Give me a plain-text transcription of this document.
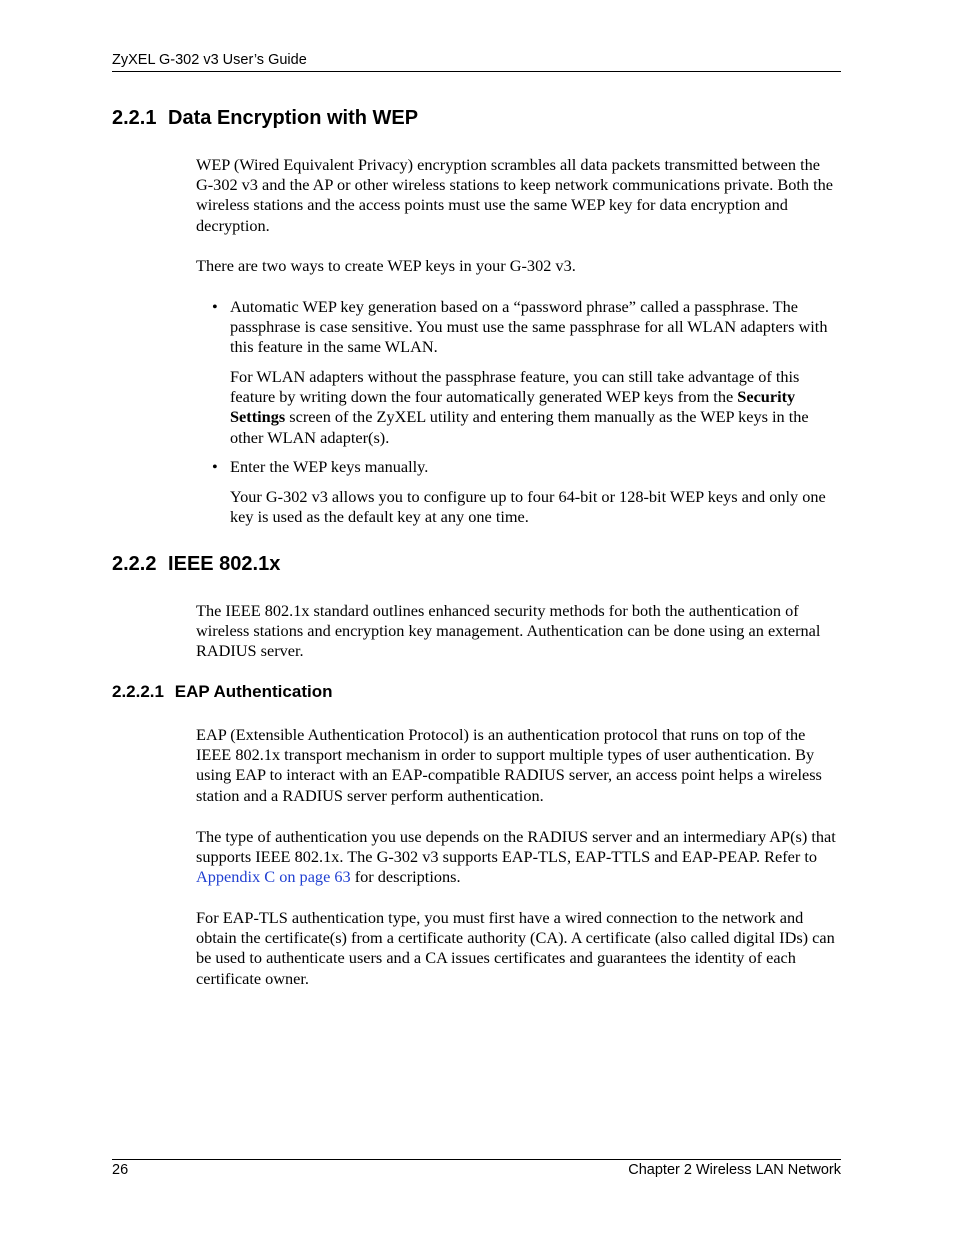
ZyXEL G-302 v3 User’s Guide
2.2.1 Data Encryption with WEP

WEP (Wired Equivalent Privacy) encryption scrambles all data packets transmitted between the G-302 v3 and the AP or other wireless stations to keep network communications private. Both the wireless stations and the access points must use the same WEP key for data encryption and decryption.

There are two ways to create WEP keys in your G-302 v3.

• Automatic WEP key generation based on a “password phrase” called a passphrase. The passphrase is case sensitive. You must use the same passphrase for all WLAN adapters with this feature in the same WLAN.

For WLAN adapters without the passphrase feature, you can still take advantage of this feature by writing down the four automatically generated WEP keys from the Security Settings screen of the ZyXEL utility and entering them manually as the WEP keys in the other WLAN adapter(s).

• Enter the WEP keys manually.

Your G-302 v3 allows you to configure up to four 64-bit or 128-bit WEP keys and only one key is used as the default key at any one time.

2.2.2 IEEE 802.1x

The IEEE 802.1x standard outlines enhanced security methods for both the authentication of wireless stations and encryption key management. Authentication can be done using an external RADIUS server.

2.2.2.1 EAP Authentication

EAP (Extensible Authentication Protocol) is an authentication protocol that runs on top of the IEEE 802.1x transport mechanism in order to support multiple types of user authentication. By using EAP to interact with an EAP-compatible RADIUS server, an access point helps a wireless station and a RADIUS server perform authentication.

The type of authentication you use depends on the RADIUS server and an intermediary AP(s) that supports IEEE 802.1x. The G-302 v3 supports EAP-TLS, EAP-TTLS and EAP-PEAP. Refer to Appendix C on page 63 for descriptions.

For EAP-TLS authentication type, you must first have a wired connection to the network and obtain the certificate(s) from a certificate authority (CA). A certificate (also called digital IDs) can be used to authenticate users and a CA issues certificates and guarantees the identity of each certificate owner.

26	Chapter 2 Wireless LAN Network
